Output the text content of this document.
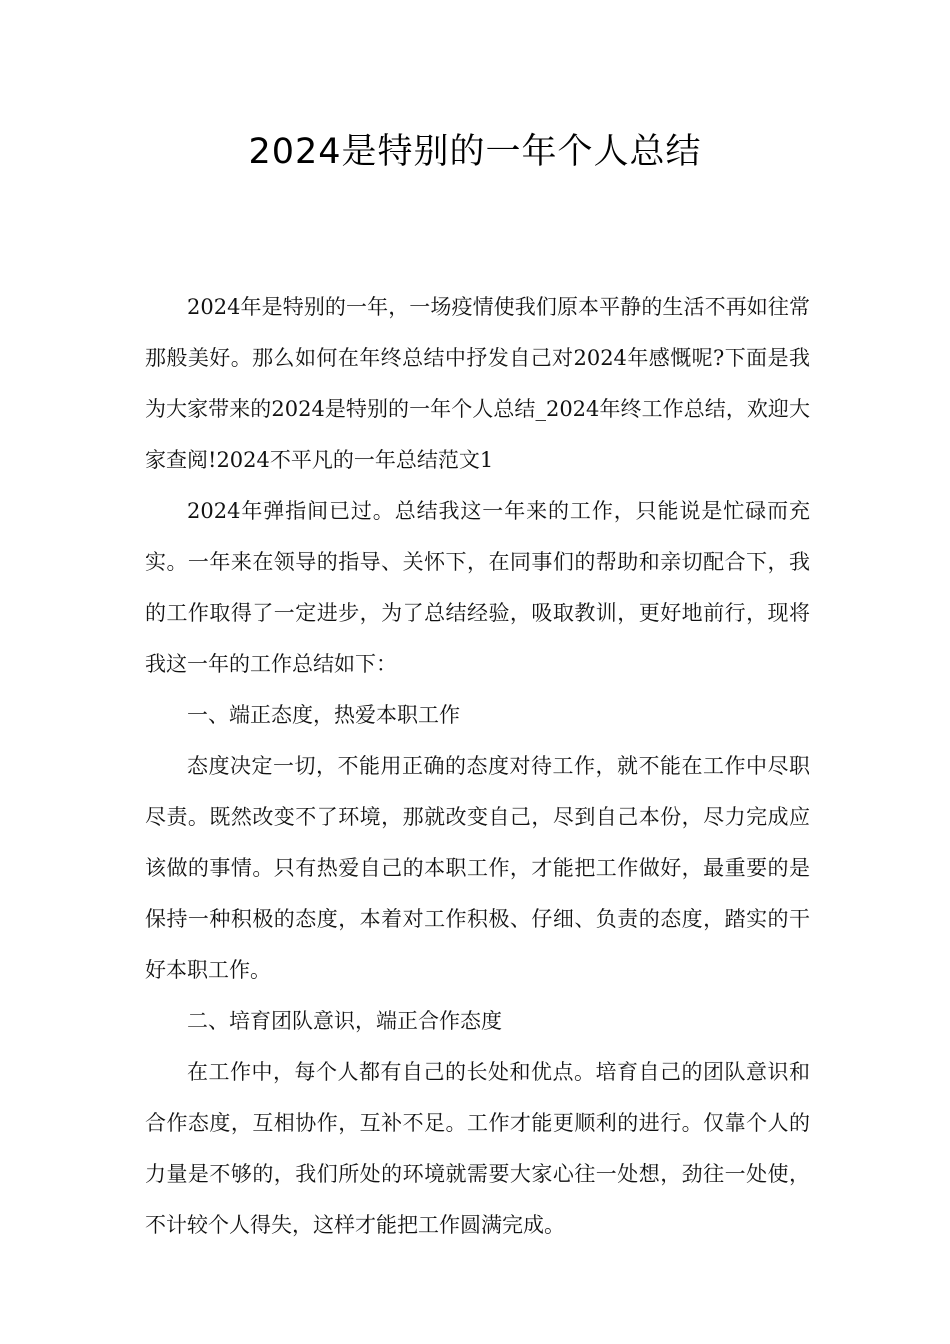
2024是特别的一年个人总结

2024年是特别的一年，一场疫情使我们原本平静的生活不再如往常那般美好。那么如何在年终总结中抒发自己对2024年感慨呢?下面是我为大家带来的2024是特别的一年个人总结_2024年终工作总结，欢迎大家查阅!2024不平凡的一年总结范文1

2024年弹指间已过。总结我这一年来的工作，只能说是忙碌而充实。一年来在领导的指导、关怀下，在同事们的帮助和亲切配合下，我的工作取得了一定进步，为了总结经验，吸取教训，更好地前行，现将我这一年的工作总结如下：

一、端正态度，热爱本职工作

态度决定一切，不能用正确的态度对待工作，就不能在工作中尽职尽责。既然改变不了环境，那就改变自己，尽到自己本份，尽力完成应该做的事情。只有热爱自己的本职工作，才能把工作做好，最重要的是保持一种积极的态度，本着对工作积极、仔细、负责的态度，踏实的干好本职工作。

二、培育团队意识，端正合作态度

在工作中，每个人都有自己的长处和优点。培育自己的团队意识和合作态度，互相协作，互补不足。工作才能更顺利的进行。仅靠个人的力量是不够的，我们所处的环境就需要大家心往一处想，劲往一处使，不计较个人得失，这样才能把工作圆满完成。
